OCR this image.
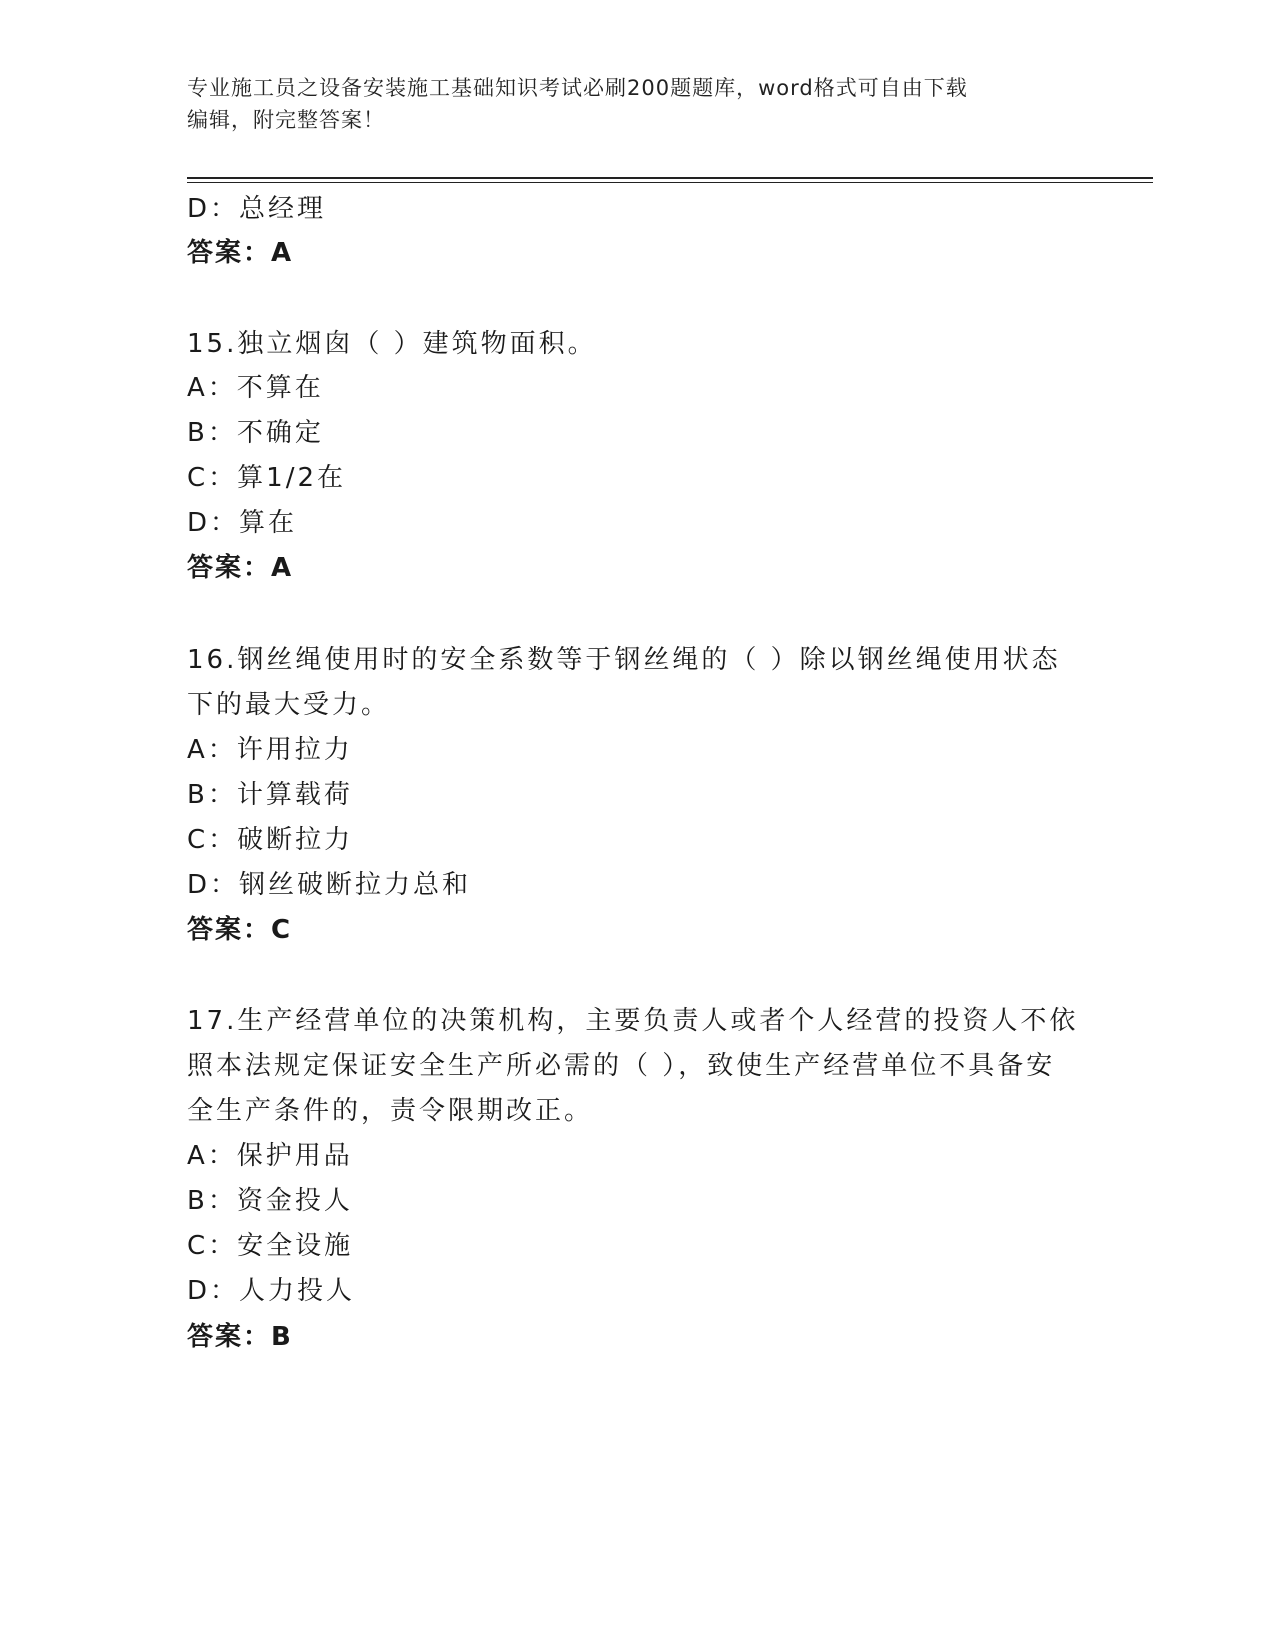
专业施工员之设备安装施工基础知识考试必刷200题题库，word格式可自由下载
编辑，附完整答案！
D：总经理
答案：A
15.独立烟囱（ ）建筑物面积。
A：不算在
B：不确定
C：算1/2在
D：算在
答案：A
16.钢丝绳使用时的安全系数等于钢丝绳的（ ）除以钢丝绳使用状态
下的最大受力。
A：许用拉力
B：计算载荷
C：破断拉力
D：钢丝破断拉力总和
答案：C
17.生产经营单位的决策机构，主要负责人或者个人经营的投资人不依
照本法规定保证安全生产所必需的（ ），致使生产经营单位不具备安
全生产条件的，责令限期改正。
A：保护用品
B：资金投人
C：安全设施
D：人力投人
答案：B
